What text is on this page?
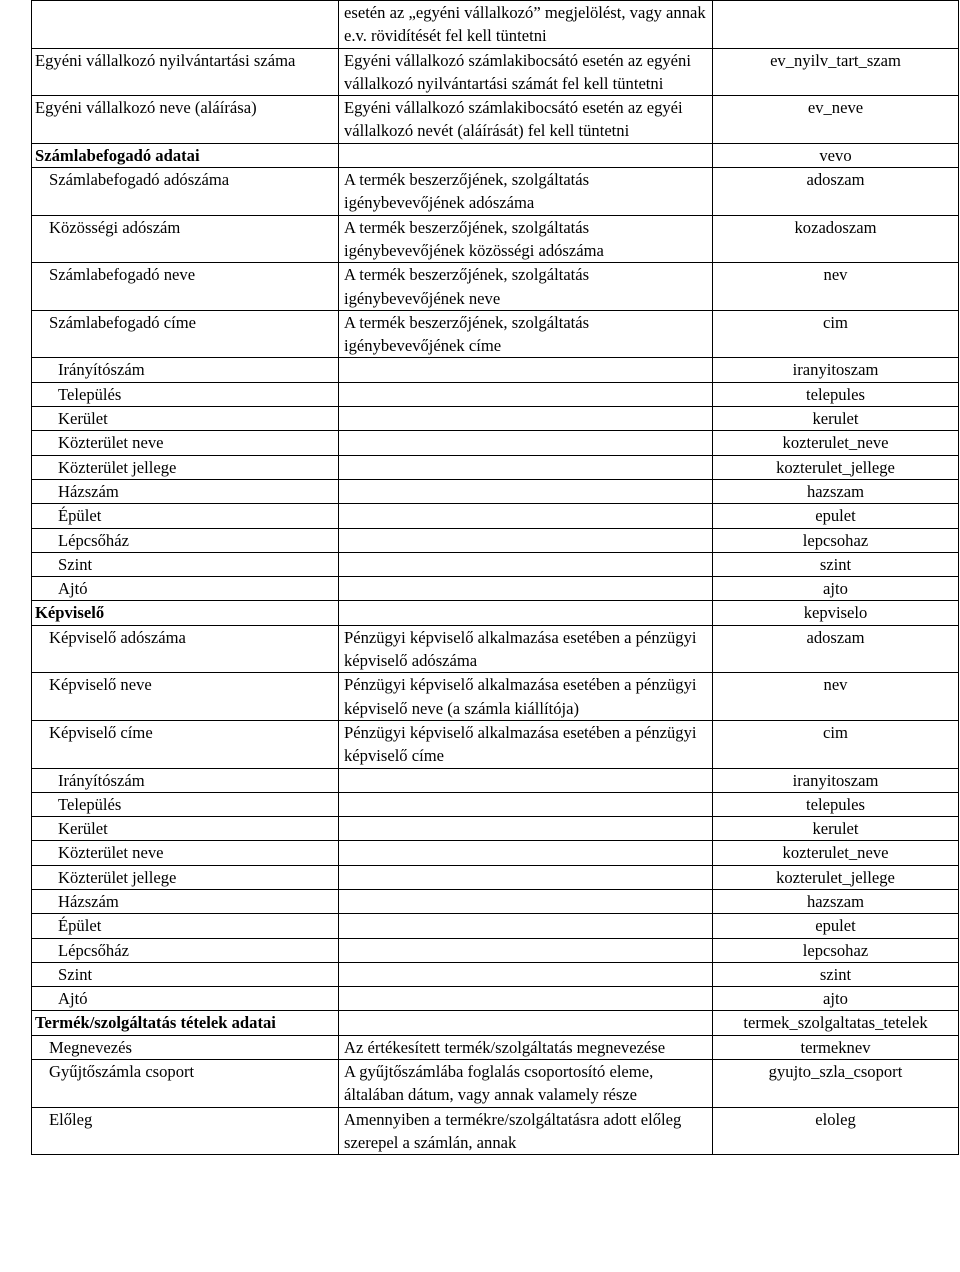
	esetén az „egyéni vállalkozó” megjelölést, vagy annak e.v. rövidítését fel kell tüntetni	
Egyéni vállalkozó nyilvántartási száma	Egyéni vállalkozó számlakibocsátó esetén az egyéni vállalkozó nyilvántartási számát fel kell tüntetni	ev_nyilv_tart_szam
Egyéni vállalkozó neve (aláírása)	Egyéni vállalkozó számlakibocsátó esetén az egyéi vállalkozó nevét (aláírását) fel kell tüntetni	ev_neve
Számlabefogadó adatai		vevo
Számlabefogadó adószáma	A termék beszerzőjének, szolgáltatás igénybevevőjének adószáma	adoszam
Közösségi adószám	A termék beszerzőjének, szolgáltatás igénybevevőjének közösségi adószáma	kozadoszam
Számlabefogadó neve	A termék beszerzőjének, szolgáltatás igénybevevőjének neve	nev
Számlabefogadó címe	A termék beszerzőjének, szolgáltatás igénybevevőjének címe	cim
Irányítószám		iranyitoszam
Település		telepules
Kerület		kerulet
Közterület neve		kozterulet_neve
Közterület jellege		kozterulet_jellege
Házszám		hazszam
Épület		epulet
Lépcsőház		lepcsohaz
Szint		szint
Ajtó		ajto
Képviselő		kepviselo
Képviselő adószáma	Pénzügyi képviselő alkalmazása esetében a pénzügyi képviselő adószáma	adoszam
Képviselő neve	Pénzügyi képviselő alkalmazása esetében a pénzügyi képviselő neve (a számla kiállítója)	nev
Képviselő címe	Pénzügyi képviselő alkalmazása esetében a pénzügyi képviselő címe	cim
Irányítószám		iranyitoszam
Település		telepules
Kerület		kerulet
Közterület neve		kozterulet_neve
Közterület jellege		kozterulet_jellege
Házszám		hazszam
Épület		epulet
Lépcsőház		lepcsohaz
Szint		szint
Ajtó		ajto
Termék/szolgáltatás tételek adatai		termek_szolgaltatas_tetelek
Megnevezés	Az értékesített termék/szolgáltatás megnevezése	termeknev
Gyűjtőszámla csoport	A gyűjtőszámlába foglalás csoportosító eleme, általában dátum, vagy annak valamely része	gyujto_szla_csoport
Előleg	Amennyiben a termékre/szolgáltatásra adott előleg szerepel a számlán, annak	eloleg
